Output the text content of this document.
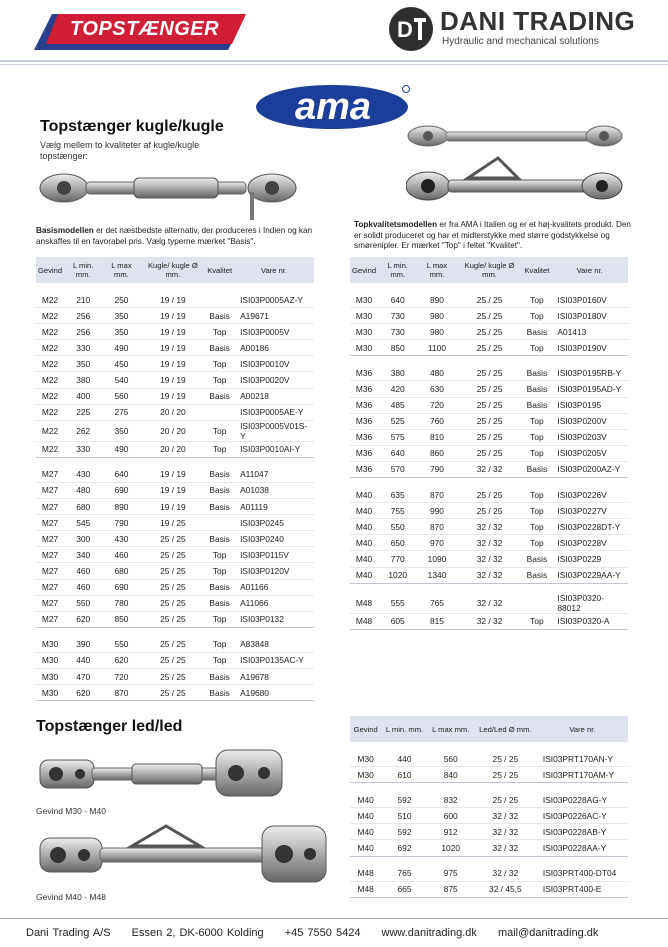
TOPSTÆNGER	D DANI TRADING
Hydraulic and mechanical solutions
ama
Topstænger kugle/kugle
Vælg mellem to kvaliteter af kugle/kugle topstænger:
Basismodellen er det næstbedste alternativ, der produceres i Indien og kan anskaffes til en favorabel pris. Vælg typerne mærket "Basis".
Gevind	L min. mm.	L max mm.	Kugle/ kugle Ø mm.	Kvalitet	Vare nr.

M22	210	250	19 / 19		ISI03P0005AZ-Y
M22	256	350	19 / 19	Basis	A19671
M22	256	350	19 / 19	Top	ISI03P0005V
M22	330	490	19 / 19	Basis	A00186
M22	350	450	19 / 19	Top	ISI03P0010V
M22	380	540	19 / 19	Top	ISI03P0020V
M22	400	560	19 / 19	Basis	A00218
M22	225	275	20 / 20		ISI03P0005AE-Y
M22	262	350	20 / 20	Top	ISI03P0005V01S-Y
M22	330	490	20 / 20	Top	ISI03P0010AI-Y

M27	430	640	19 / 19	Basis	A11047
M27	480	690	19 / 19	Basis	A01038
M27	680	890	19 / 19	Basis	A01119
M27	545	790	19 / 25		ISI03P0245
M27	300	430	25 / 25	Basis	ISI03P0240
M27	340	460	25 / 25	Top	ISI03P0115V
M27	460	680	25 / 25	Top	ISI03P0120V
M27	460	690	25 / 25	Basis	A01166
M27	550	780	25 / 25	Basis	A11066
M27	620	850	25 / 25	Top	ISI03P0132

M30	390	550	25 / 25	Top	A83848
M30	440	620	25 / 25	Top	ISI03P0135AC-Y
M30	470	720	25 / 25	Basis	A19678
M30	620	870	25 / 25	Basis	A19680
Topkvalitetsmodellen er fra AMA i Italien og er et høj-kvalitets produkt. Den er solidt produceret og har et midterstykke med større godstykkelse og smørenipler. Er mærket "Top" i feltet "Kvalitet".
Gevind	L min. mm.	L max mm.	Kugle/ kugle Ø mm.	Kvalitet	Vare nr.

M30	640	890	25 / 25	Top	ISI03P0160V
M30	730	980	25 / 25	Top	ISI03P0180V
M30	730	980	25 / 25	Basis	A01413
M30	850	1100	25 / 25	Top	ISI03P0190V

M36	380	480	25 / 25	Basis	ISI03P0195RB-Y
M36	420	630	25 / 25	Basis	ISI03P0195AD-Y
M36	485	720	25 / 25	Basis	ISI03P0195
M36	525	760	25 / 25	Top	ISI03P0200V
M36	575	810	25 / 25	Top	ISI03P0203V
M36	640	860	25 / 25	Top	ISI03P0205V
M36	570	790	32 / 32	Basis	ISI03P0200AZ-Y

M40	635	870	25 / 25	Top	ISI03P0226V
M40	755	990	25 / 25	Top	ISI03P0227V
M40	550	870	32 / 32	Top	ISI03P0228DT-Y
M40	650	970	32 / 32	Top	ISI03P0228V
M40	770	1090	32 / 32	Basis	ISI03P0229
M40	1020	1340	32 / 32	Basis	ISI03P0229AA-Y

M48	555	765	32 / 32		ISI03P0320-88012
M48	605	815	32 / 32	Top	ISI03P0320-A
Topstænger led/led
Gevind M30 - M40
Gevind M40 - M48
Gevind	L min. mm.	L max mm.	Led/Led Ø mm.	Vare nr.

M30	440	560	25 / 25	ISI03PRT170AN-Y
M30	610	840	25 / 25	ISI03PRT170AM-Y

M40	592	832	25 / 25	ISI03P0228AG-Y
M40	510	600	32 / 32	ISI03P0226AC-Y
M40	592	912	32 / 32	ISI03P0228AB-Y
M40	692	1020	32 / 32	ISI03P0228AA-Y

M48	765	975	32 / 32	ISI03PRT400-DT04
M48	665	875	32 / 45,5	ISI03PRT400-E
Dani Trading A/S Essen 2, DK-6000 Kolding +45 7550 5424 www.danitrading.dk mail@danitrading.dk
